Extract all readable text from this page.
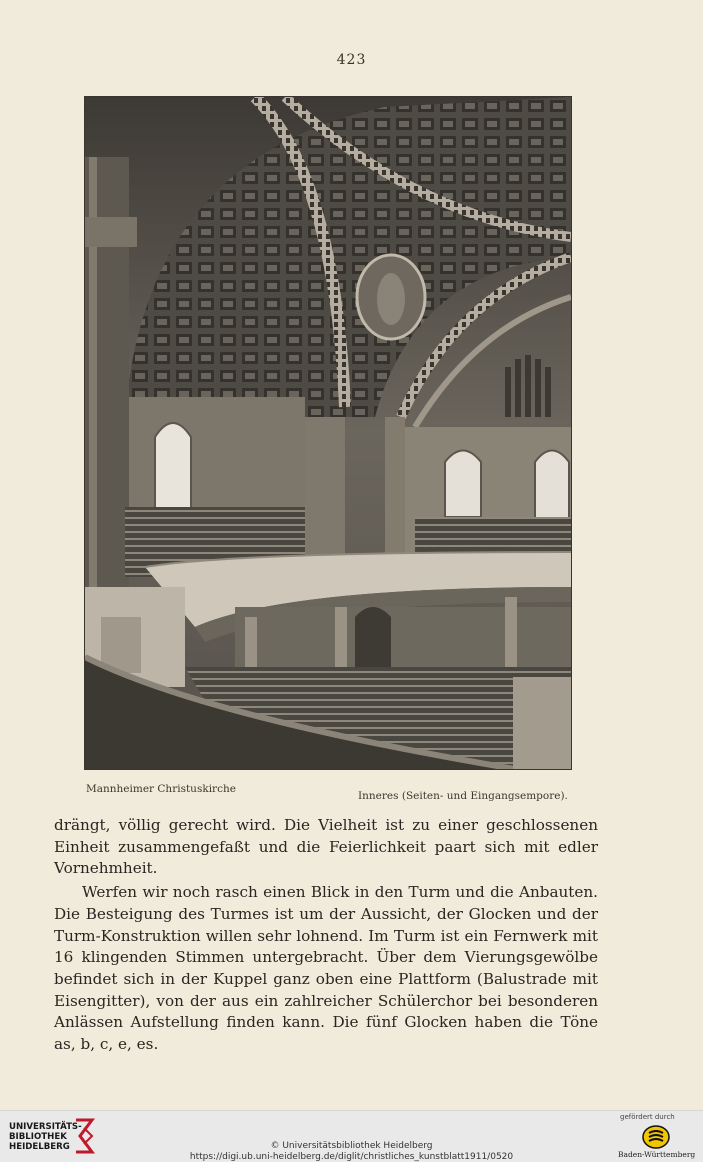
423
Mannheimer Christuskirche
Inneres (Seiten- und Eingangsempore).

drängt, völlig gerecht wird. Die Vielheit ist zu einer geschlossenen Einheit zusammengefaßt und die Feierlichkeit paart sich mit edler Vornehmheit.

Werfen wir noch rasch einen Blick in den Turm und die Anbauten. Die Besteigung des Turmes ist um der Aussicht, der Glocken und der Turm-Konstruktion willen sehr lohnend. Im Turm ist ein Fernwerk mit 16 klingenden Stimmen untergebracht. Über dem Vierungsgewölbe befindet sich in der Kuppel ganz oben eine Plattform (Balustrade mit Eisengitter), von der aus ein zahlreicher Schülerchor bei besonderen Anlässen Aufstellung finden kann. Die fünf Glocken haben die Töne as, b, c, e, es.

UNIVERSITÄTS-
BIBLIOTHEK
HEIDELBERG	© Universitätsbibliothek Heidelberg
https://digi.ub.uni-heidelberg.de/diglit/christliches_kunstblatt1911/0520
gefördert durch
Baden-Württemberg
